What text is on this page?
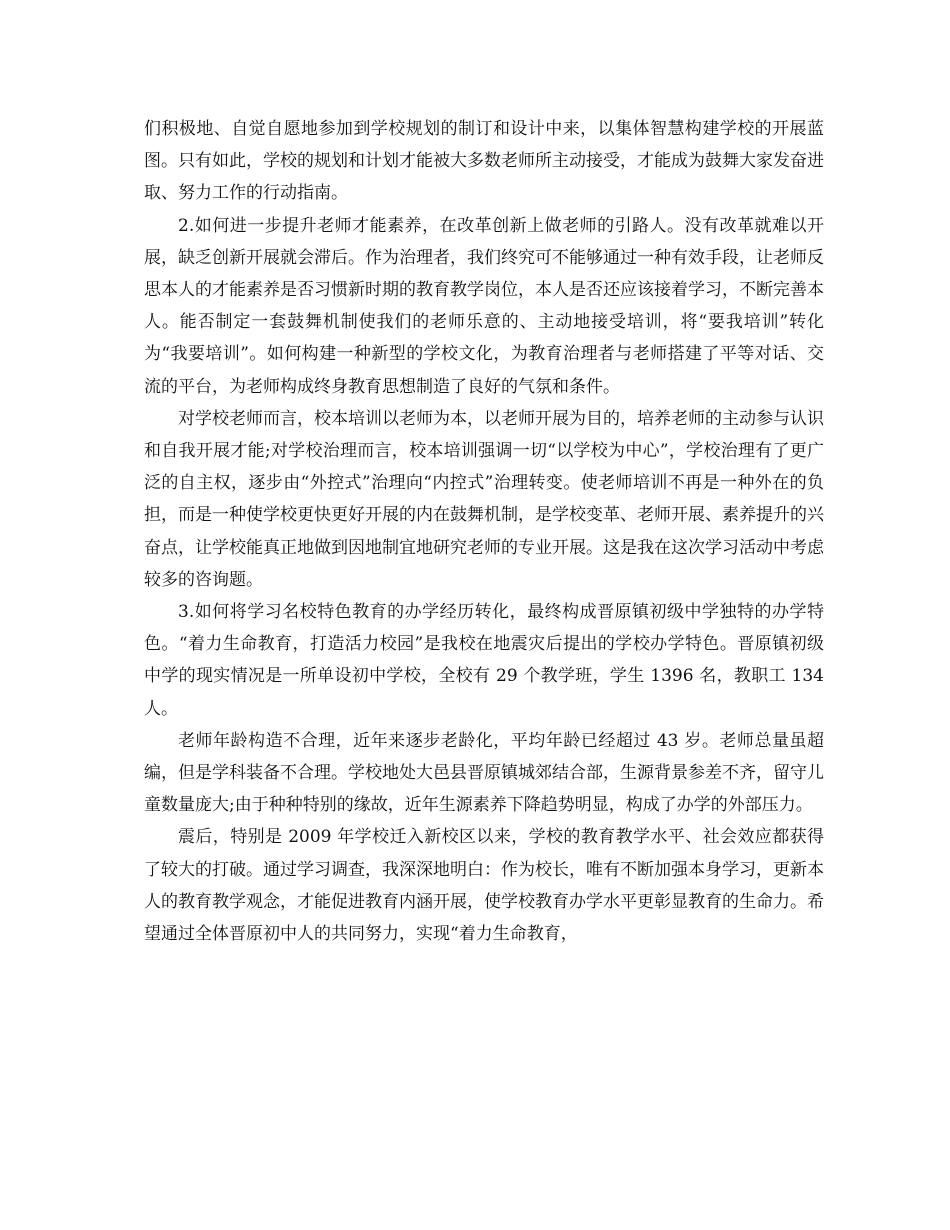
们积极地、自觉自愿地参加到学校规划的制订和设计中来，以集体智慧构建学校的开展蓝图。只有如此，学校的规划和计划才能被大多数老师所主动接受，才能成为鼓舞大家发奋进取、努力工作的行动指南。

2.如何进一步提升老师才能素养，在改革创新上做老师的引路人。没有改革就难以开展，缺乏创新开展就会滞后。作为治理者，我们终究可不能够通过一种有效手段，让老师反思本人的才能素养是否习惯新时期的教育教学岗位，本人是否还应该接着学习，不断完善本人。能否制定一套鼓舞机制使我们的老师乐意的、主动地接受培训，将“要我培训”转化为“我要培训”。如何构建一种新型的学校文化，为教育治理者与老师搭建了平等对话、交流的平台，为老师构成终身教育思想制造了良好的气氛和条件。

对学校老师而言，校本培训以老师为本，以老师开展为目的，培养老师的主动参与认识和自我开展才能;对学校治理而言，校本培训强调一切“以学校为中心”，学校治理有了更广泛的自主权，逐步由“外控式”治理向“内控式”治理转变。使老师培训不再是一种外在的负担，而是一种使学校更快更好开展的内在鼓舞机制，是学校变革、老师开展、素养提升的兴奋点，让学校能真正地做到因地制宜地研究老师的专业开展。这是我在这次学习活动中考虑较多的咨询题。

3.如何将学习名校特色教育的办学经历转化，最终构成晋原镇初级中学独特的办学特色。“着力生命教育，打造活力校园”是我校在地震灾后提出的学校办学特色。晋原镇初级中学的现实情况是一所单设初中学校，全校有 29 个教学班，学生 1396 名，教职工 134 人。

老师年龄构造不合理，近年来逐步老龄化，平均年龄已经超过 43 岁。老师总量虽超编，但是学科装备不合理。学校地处大邑县晋原镇城郊结合部，生源背景参差不齐，留守儿童数量庞大;由于种种特别的缘故，近年生源素养下降趋势明显，构成了办学的外部压力。

震后，特别是 2009 年学校迁入新校区以来，学校的教育教学水平、社会效应都获得了较大的打破。通过学习调查，我深深地明白：作为校长，唯有不断加强本身学习，更新本人的教育教学观念，才能促进教育内涵开展，使学校教育办学水平更彰显教育的生命力。希望通过全体晋原初中人的共同努力，实现“着力生命教育，
